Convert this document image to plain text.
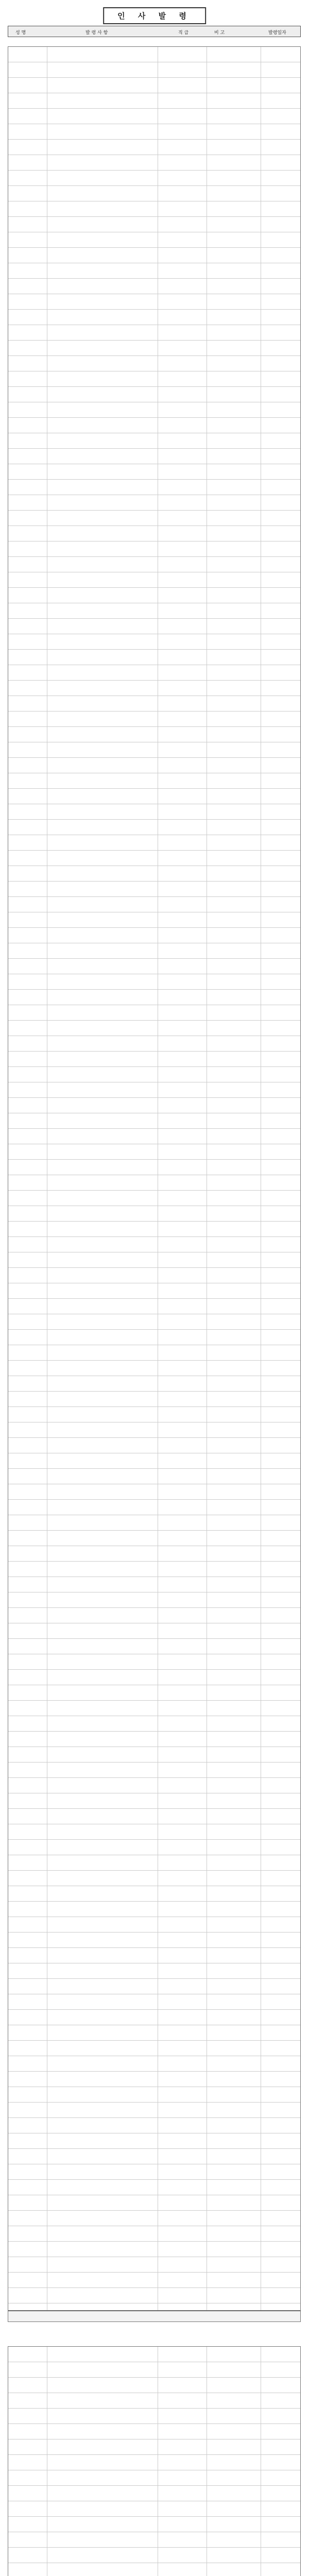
인 사 발 령
성 명	발 령 사 항	직 급	비 고	발령일자
